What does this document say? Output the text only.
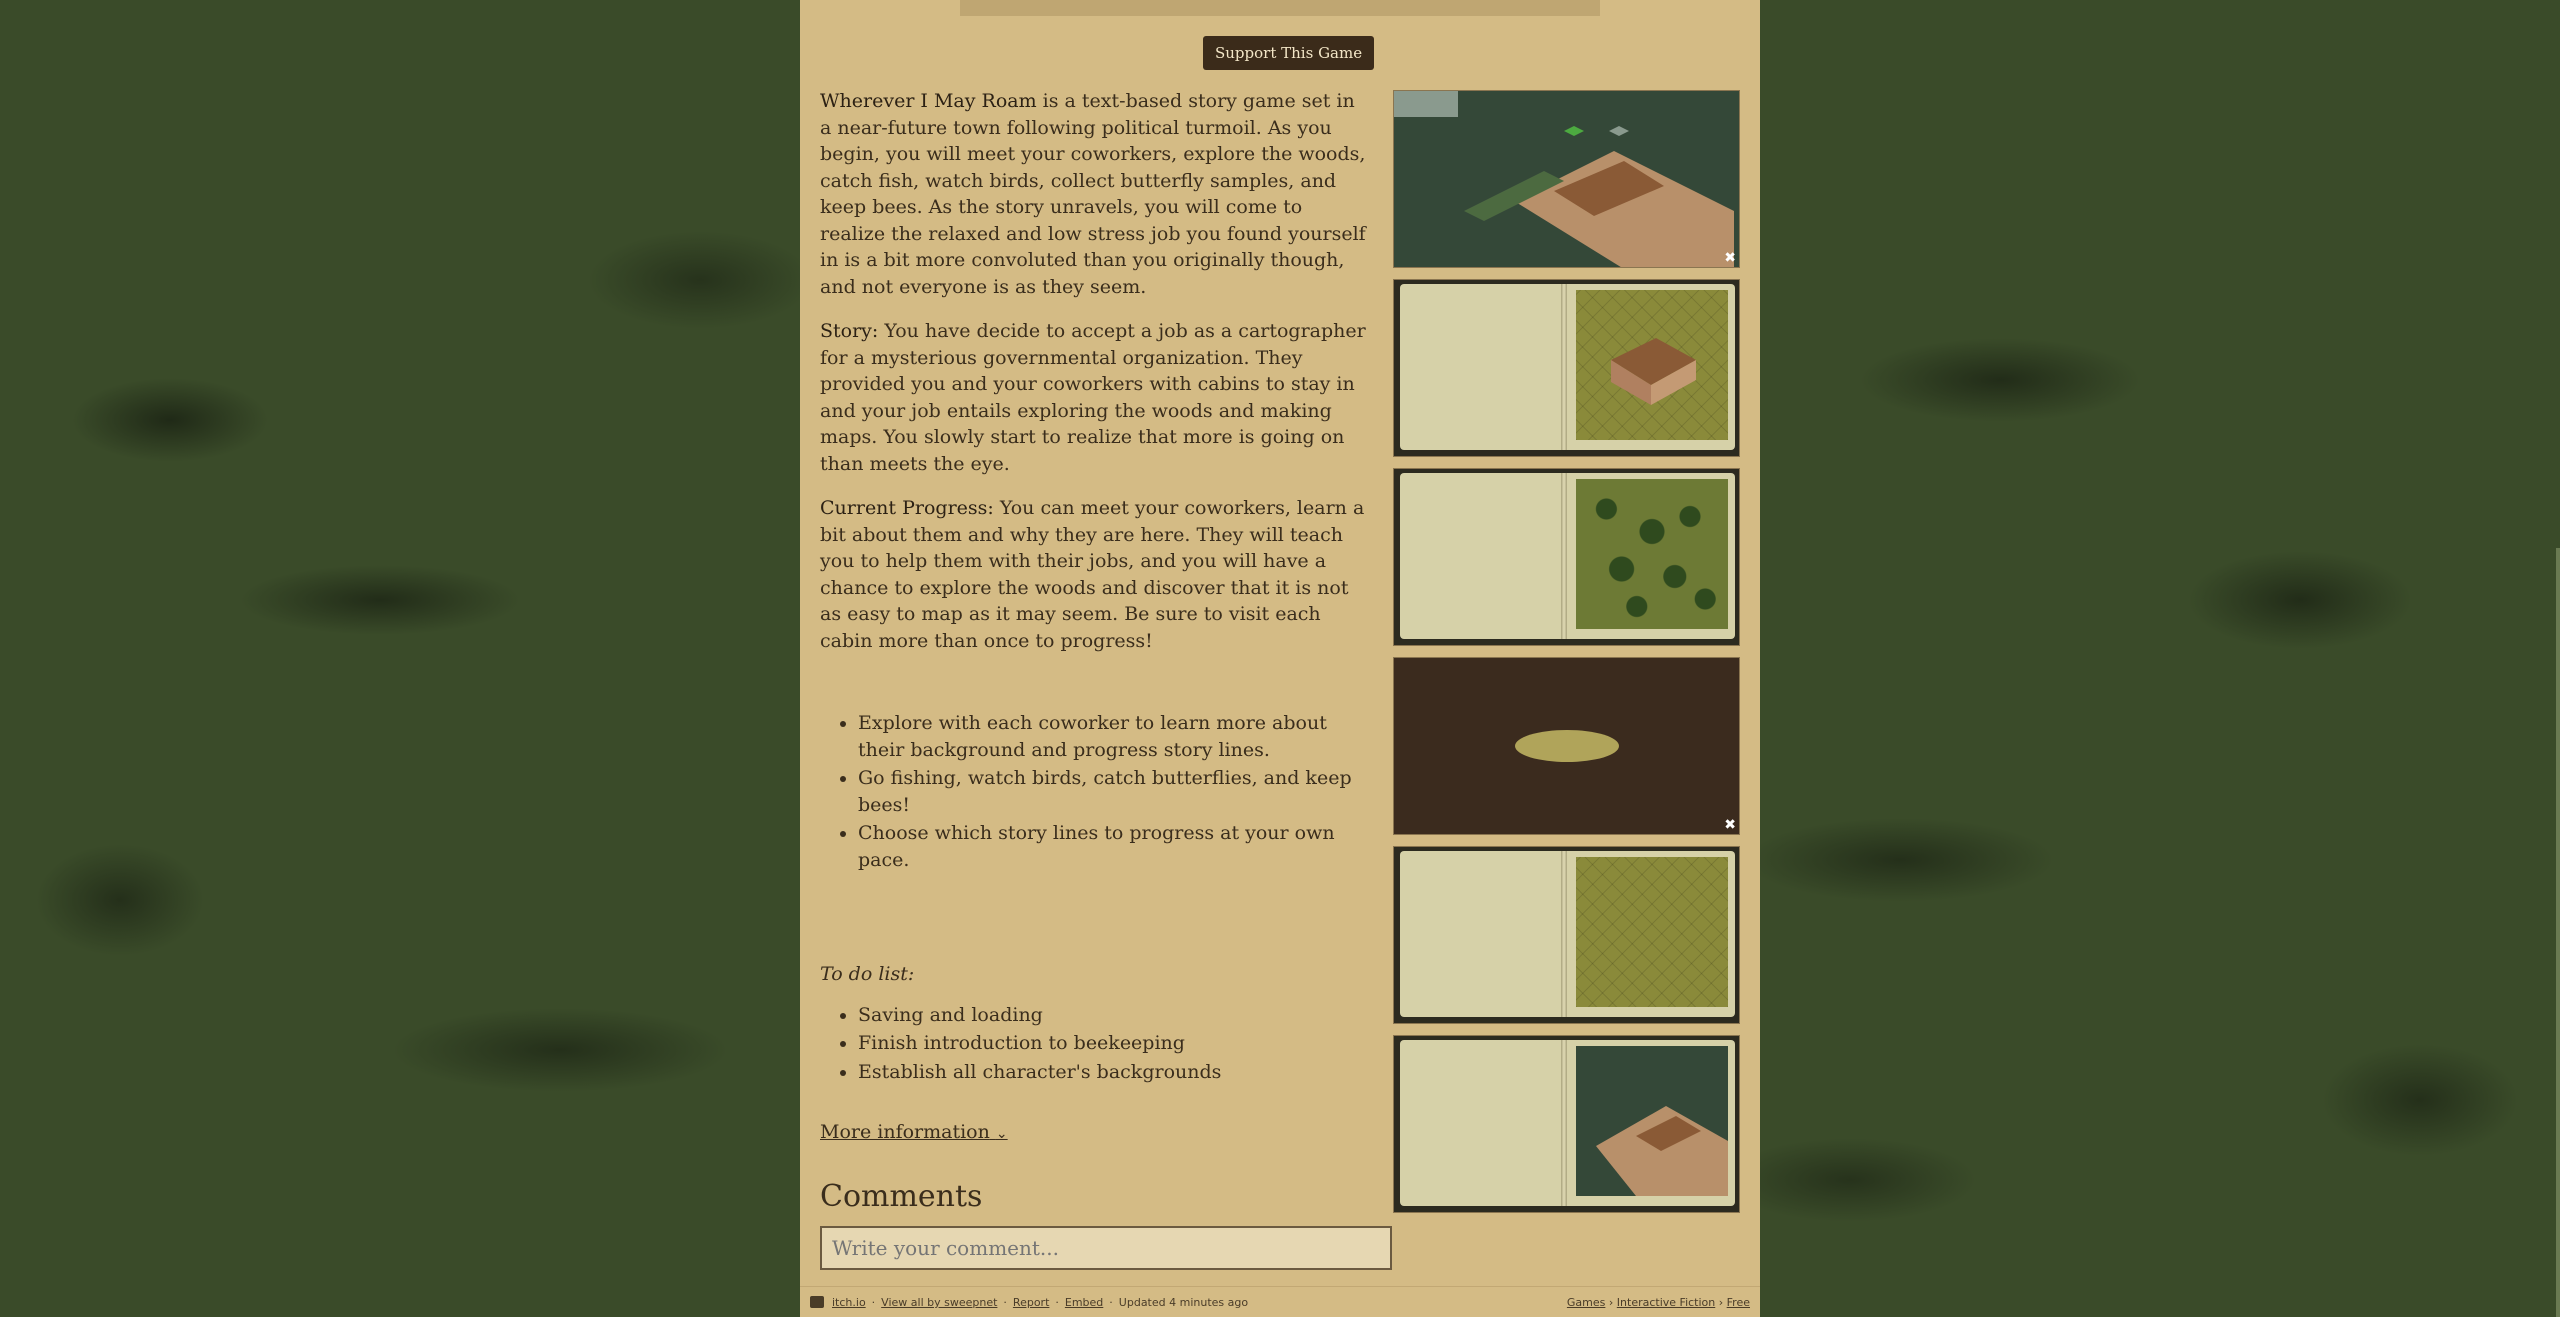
Support This Game

Wherever I May Roam is a text-based story game set in a near-future town following political turmoil. As you begin, you will meet your coworkers, explore the woods, catch fish, watch birds, collect butterfly samples, and keep bees. As the story unravels, you will come to realize the relaxed and low stress job you found yourself in is a bit more convoluted than you originally though, and not everyone is as they seem.

Story: You have decide to accept a job as a cartographer for a mysterious governmental organization. They provided you and your coworkers with cabins to stay in and your job entails exploring the woods and making maps. You slowly start to realize that more is going on than meets the eye.

Current Progress: You can meet your coworkers, learn a bit about them and why they are here. They will teach you to help them with their jobs, and you will have a chance to explore the woods and discover that it is not as easy to map as it may seem. Be sure to visit each cabin more than once to progress!

• Explore with each coworker to learn more about their background and progress story lines.
• Go fishing, watch birds, catch butterflies, and keep bees!
• Choose which story lines to progress at your own pace.

To do list:

• Saving and loading
• Finish introduction to beekeeping
• Establish all character's backgrounds
More information ⌄
Comments
Write your comment...
✖
✖
itch.io · View all by sweepnet · Report · Embed · Updated 4 minutes ago	Games › Interactive Fiction › Free
